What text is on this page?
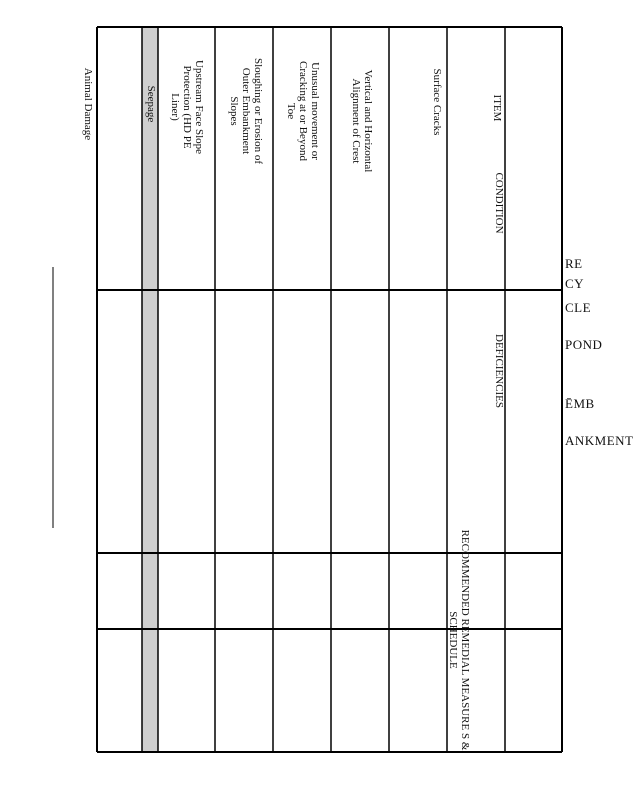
ITEM
CONDITION
DEFICIENCIES
RECOMMENDED REMEDIAL MEASURE S &
SCHEDULE
Surface Cracks
Vertical and Horizontal
Alignment of Crest
Unusual movement or
Cracking at or Beyond
Toe
Sloughing or Erosion of
Outer Embankment
Slopes
Upstream Face Slope
Protection (HD PE
Liner)
Seepage
Animal Damage
RE
CY
CLE
POND
ĒMB
ANKMENT
